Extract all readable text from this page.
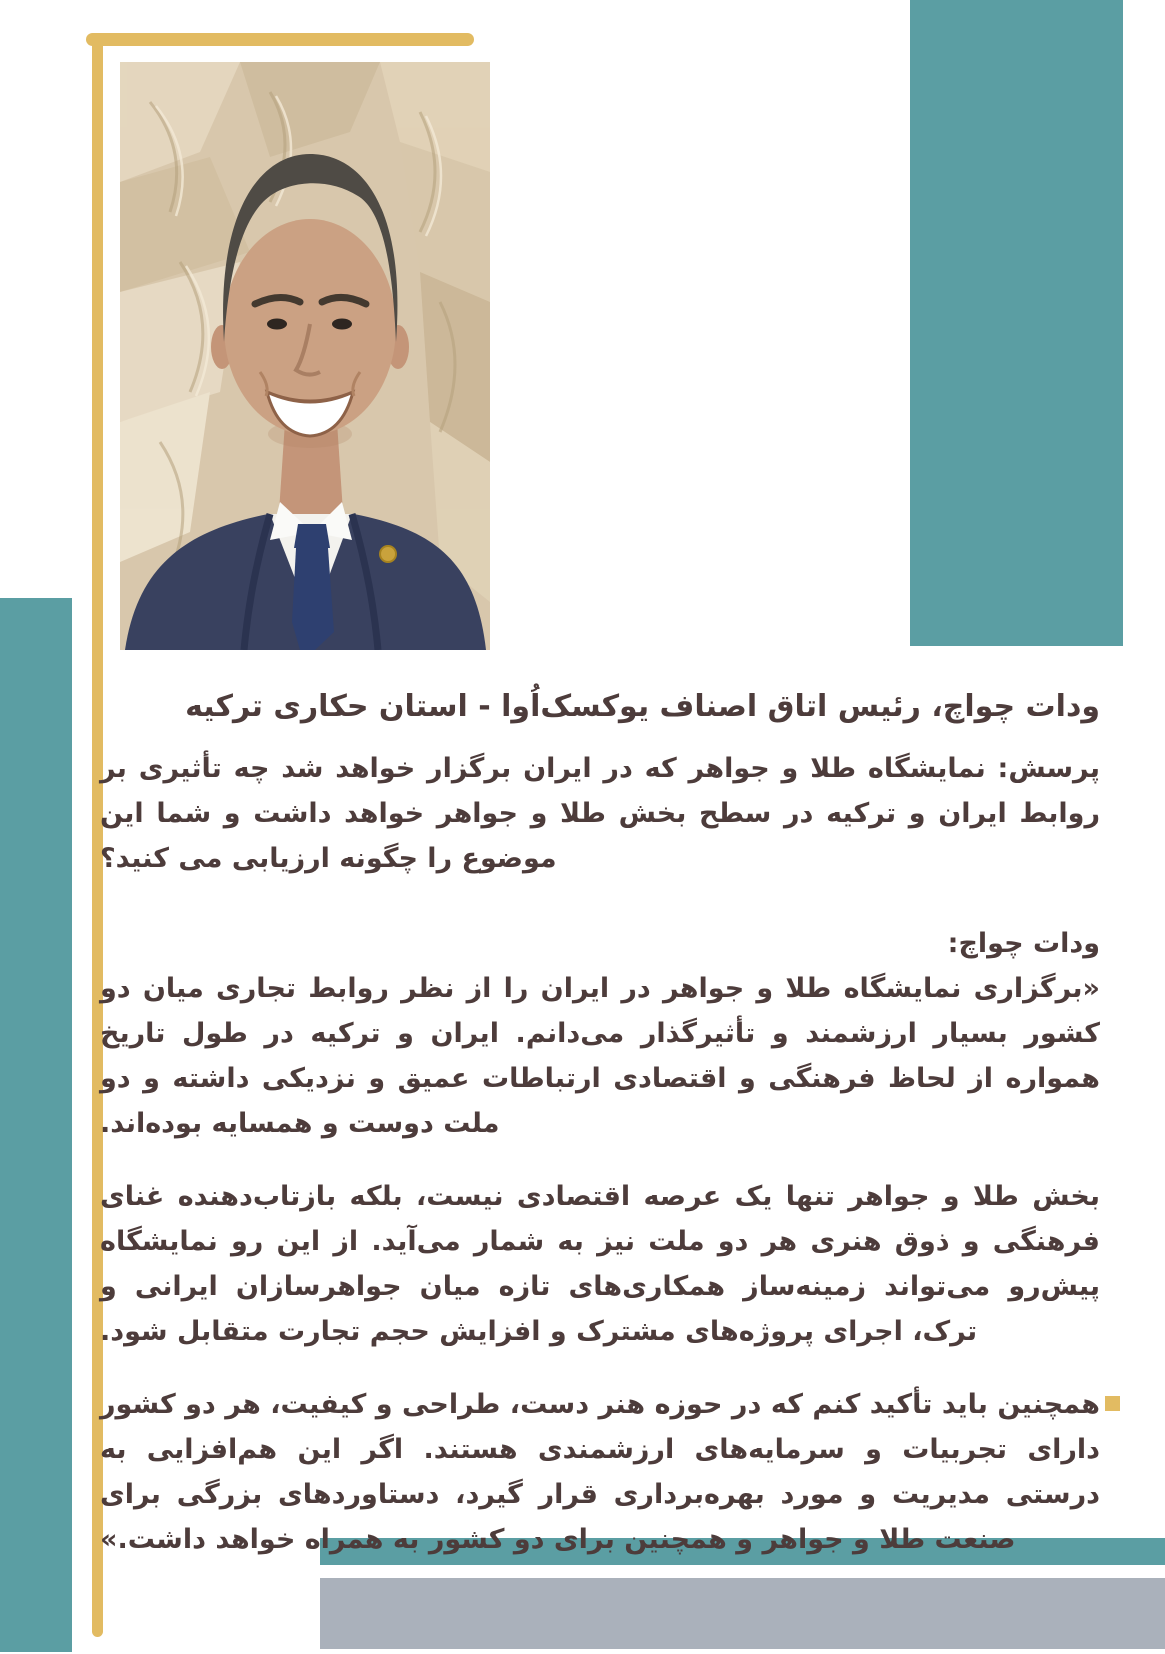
ودات چواچ، رئیس اتاق اصناف یوکسک‌اُوا - استان حکاری ترکیه

پرسش: نمایشگاه طلا و جواهر که در ایران برگزار خواهد شد چه تأثیری بر روابط ایران و ترکیه در سطح بخش طلا و جواهر خواهد داشت و شما این موضوع را چگونه ارزیابی می کنید؟

ودات چواچ:

«برگزاری نمایشگاه طلا و جواهر در ایران را از نظر روابط تجاری میان دو کشور بسیار ارزشمند و تأثیرگذار می‌دانم. ایران و ترکیه در طول تاریخ همواره از لحاظ فرهنگی و اقتصادی ارتباطات عمیق و نزدیکی داشته و دو ملت دوست و همسایه بوده‌اند.

بخش طلا و جواهر تنها یک عرصه اقتصادی نیست، بلکه بازتاب‌دهنده غنای فرهنگی و ذوق هنری هر دو ملت نیز به شمار می‌آید. از این رو نمایشگاه پیش‌رو می‌تواند زمینه‌ساز همکاری‌های تازه میان جواهرسازان ایرانی و ترک، اجرای پروژه‌های مشترک و افزایش حجم تجارت متقابل شود.

همچنین باید تأکید کنم که در حوزه هنر دست، طراحی و کیفیت، هر دو کشور دارای تجربیات و سرمایه‌های ارزشمندی هستند. اگر این هم‌افزایی به درستی مدیریت و مورد بهره‌برداری قرار گیرد، دستاوردهای بزرگی برای صنعت طلا و جواهر و همچنین برای دو کشور به همراه خواهد داشت.»
